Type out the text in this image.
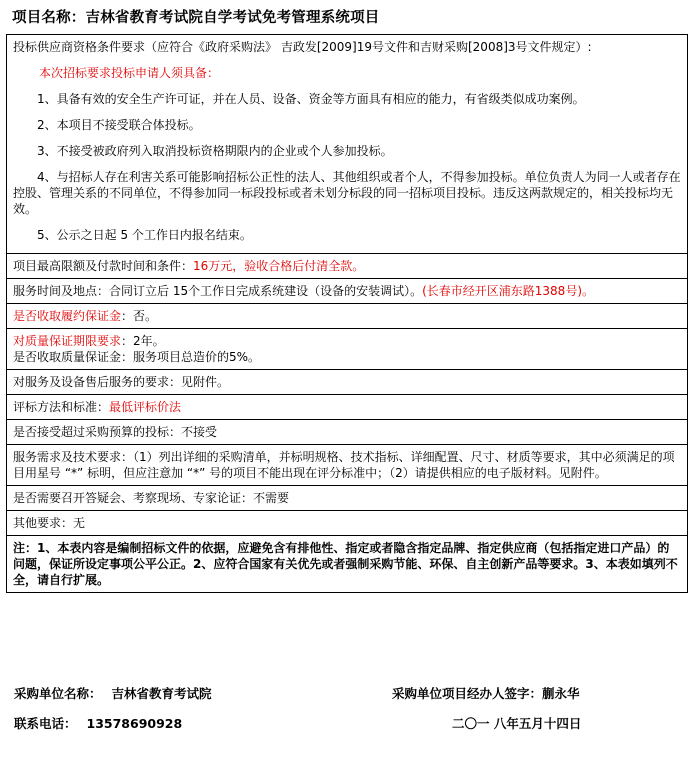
项目名称：吉林省教育考试院自学考试免考管理系统项目
投标供应商资格条件要求（应符合《政府采购法》 吉政发[2009]19号文件和吉财采购[2008]3号文件规定）:
本次招标要求投标申请人须具备：
1、具备有效的安全生产许可证，并在人员、设备、资金等方面具有相应的能力，有省级类似成功案例。
2、本项目不接受联合体投标。
3、不接受被政府列入取消投标资格期限内的企业或个人参加投标。
4、与招标人存在利害关系可能影响招标公正性的法人、其他组织或者个人，不得参加投标。单位负责人为同一人或者存在控股、管理关系的不同单位，不得参加同一标段投标或者未划分标段的同一招标项目投标。违反这两款规定的，相关投标均无效。
5、公示之日起 5 个工作日内报名结束。

项目最高限额及付款时间和条件：16万元，验收合格后付清全款。
服务时间及地点：合同订立后 15个工作日完成系统建设（设备的安装调试）。(长春市经开区浦东路1388号)。
是否收取履约保证金：否。

对质量保证期限要求：2年。
是否收取质量保证金：服务项目总造价的5%。

对服务及设备售后服务的要求：见附件。
评标方法和标准：最低评标价法
是否接受超过采购预算的投标：不接受
服务需求及技术要求：（1）列出详细的采购清单，并标明规格、技术指标、详细配置、尺寸、材质等要求，其中必须满足的项目用星号 “*” 标明，但应注意加 “*” 号的项目不能出现在评分标准中；（2）请提供相应的电子版材料。见附件。
是否需要召开答疑会、考察现场、专家论证：不需要
其他要求：无
注：1、本表内容是编制招标文件的依据，应避免含有排他性、指定或者隐含指定品牌、指定供应商（包括指定进口产品）的问题，保证所设定事项公平公正。2、应符合国家有关优先或者强制采购节能、环保、自主创新产品等要求。3、本表如填列不全，请自行扩展。
采购单位名称： 吉林省教育考试院	采购单位项目经办人签字：蒯永华
联系电话： 13578690928	二〇一 八年五月十四日
